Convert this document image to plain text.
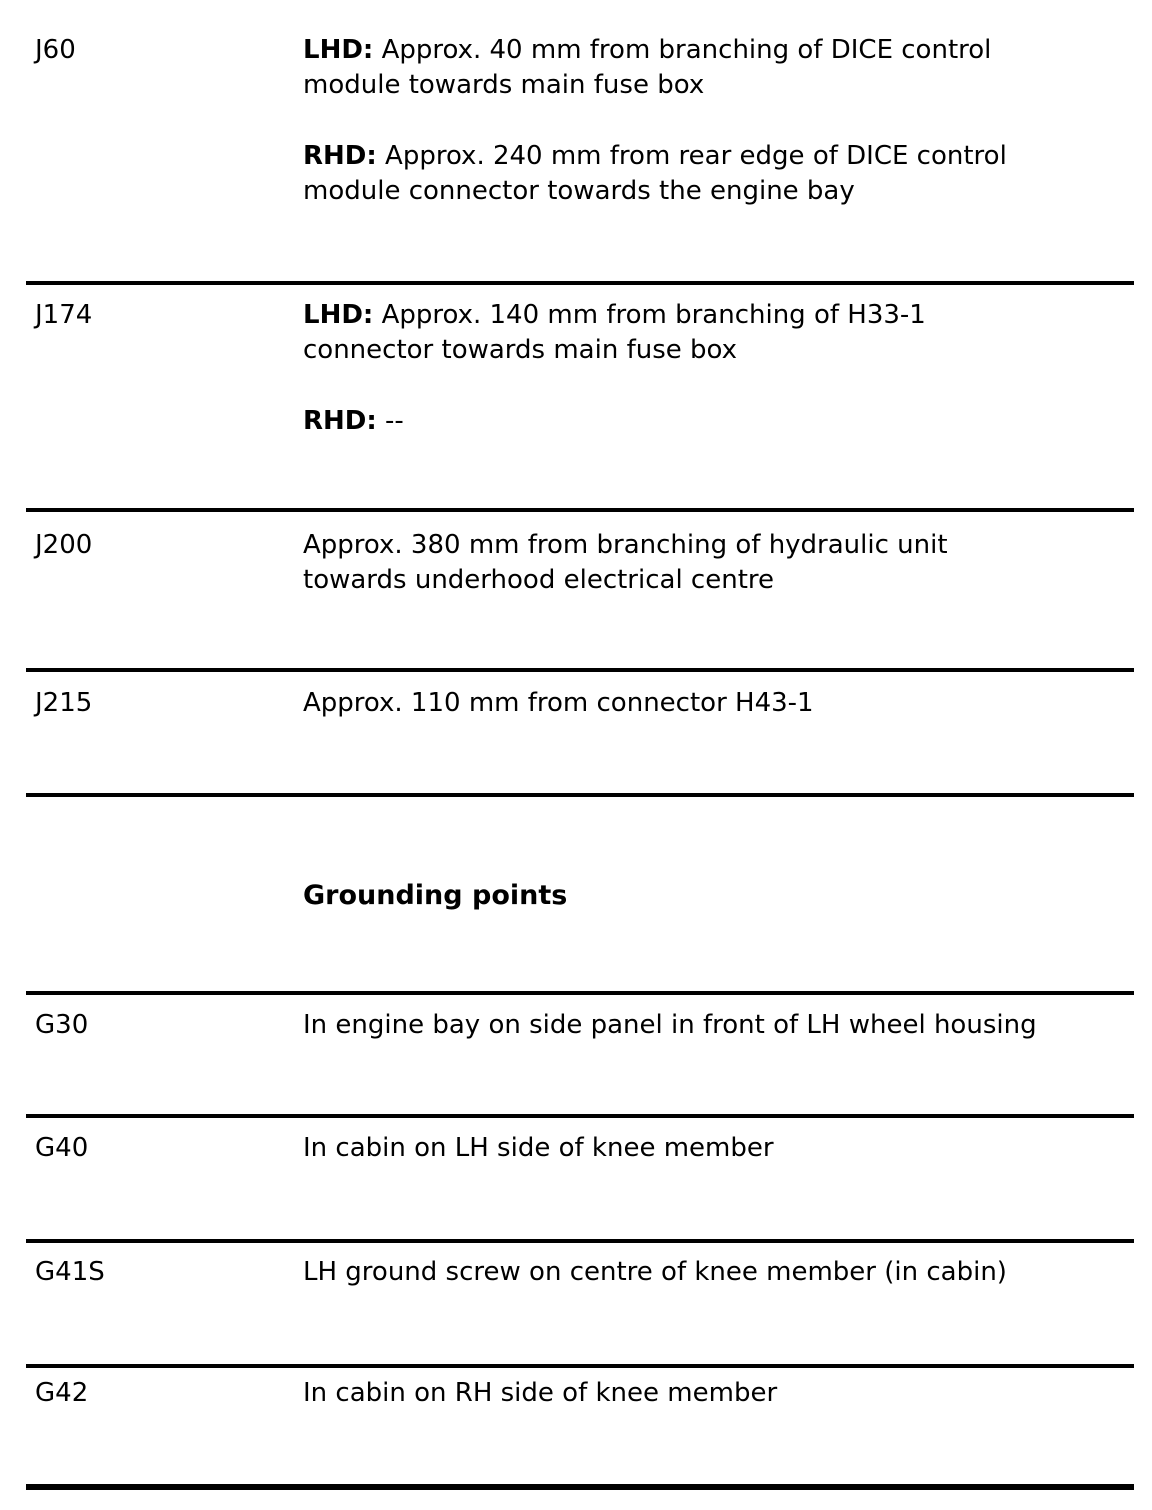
J60	LHD: Approx. 40 mm from branching of DICE control
module towards main fuse box

RHD: Approx. 240 mm from rear edge of DICE control
module connector towards the engine bay

J174	LHD: Approx. 140 mm from branching of H33-1
connector towards main fuse box

RHD: --

J200	Approx. 380 mm from branching of hydraulic unit
towards underhood electrical centre

J215	Approx. 110 mm from connector H43-1

Grounding points
G30	In engine bay on side panel in front of LH wheel housing

G40	In cabin on LH side of knee member

G41S	LH ground screw on centre of knee member (in cabin)

G42	In cabin on RH side of knee member
